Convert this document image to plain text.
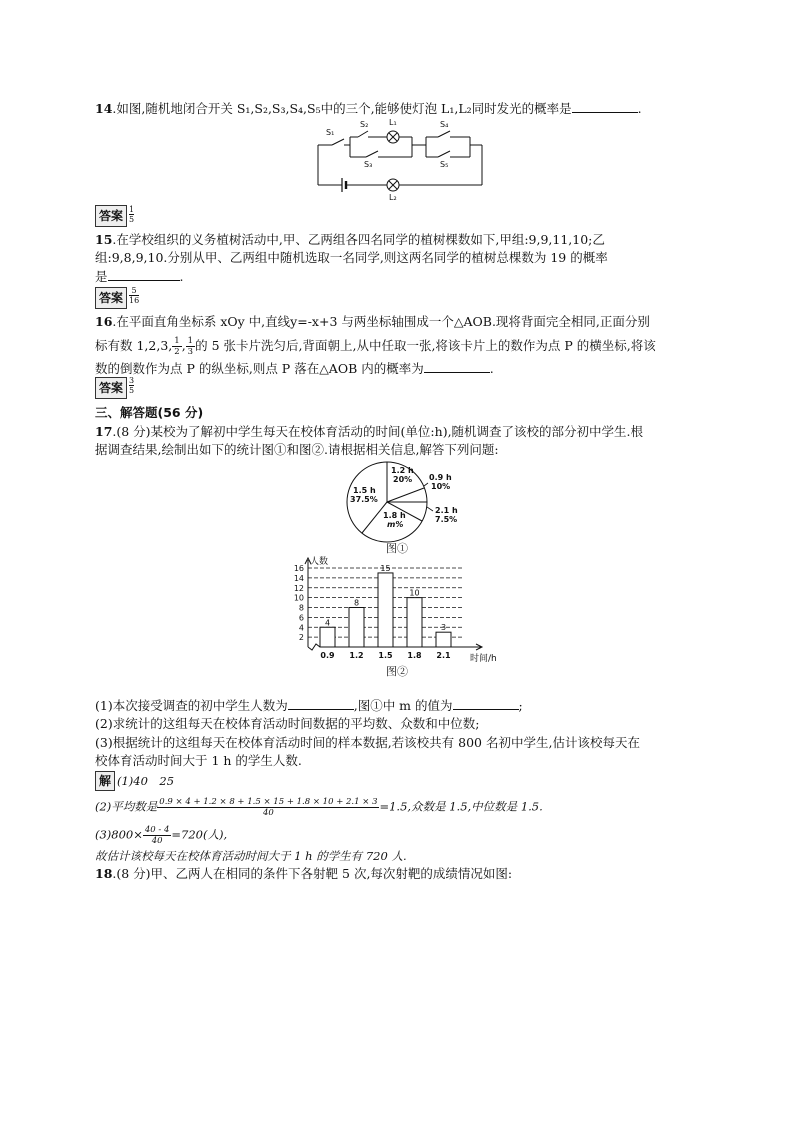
14.如图,随机地闭合开关 S₁,S₂,S₃,S₄,S₅中的三个,能够使灯泡 L₁,L₂同时发光的概率是	.
S₁
S₂	L₁
S₃
S₄
S₅
L₂
答案 $\frac{1}{5}$
15.在学校组织的义务植树活动中,甲、乙两组各四名同学的植树棵数如下,甲组:9,9,11,10;乙
组:9,8,9,10.分别从甲、乙两组中随机选取一名同学,则这两名同学的植树总棵数为 19 的概率
是	.
答案 $\frac{5}{16}$
16.在平面直角坐标系 xOy 中,直线y=-x+3 与两坐标轴围成一个△AOB.现将背面完全相同,正面分别
标有数 1,2,3, $\frac{1}{2}$ , $\frac{1}{3}$ 的 5 张卡片洗匀后,背面朝上,从中任取一张,将该卡片上的数作为点 P 的横坐标,将该
数的倒数作为点 P 的纵坐标,则点 P 落在△AOB 内的概率为	.
答案 $\frac{3}{5}$
三、解答题(56 分)
17.(8 分)某校为了解初中学生每天在校体育活动的时间(单位:h),随机调查了该校的部分初中学生.根
据调查结果,绘制出如下的统计图①和图②.请根据相关信息,解答下列问题:
1.2 h
20% 0.9 h
10%
1.5 h
37.5%
2.1 h
7.5%
1.8 h
m%
图①
2
4
6
8
10
12
14
16
人数
时间/h
4
0.9
8
1.2
15
1.5
10
1.8
3
2.1
图②
(1)本次接受调查的初中学生人数为	,图①中 m 的值为	;
(2)求统计的这组每天在校体育活动时间数据的平均数、众数和中位数;
(3)根据统计的这组每天在校体育活动时间的样本数据,若该校共有 800 名初中学生,估计该校每天在
校体育活动时间大于 1 h 的学生人数.
解 (1)40　25
(2)平均数是 $\frac{0.9 \times 4 + 1.2 \times 8 + 1.5 \times 15 + 1.8 \times 10 + 2.1 \times 3}{40} =1.5$,众数是 1.5,中位数是 1.5.
$(3)800\times \frac{40 - 4}{40} =720$(人),
故估计该校每天在校体育活动时间大于 1 h 的学生有 720 人.
18.(8 分)甲、乙两人在相同的条件下各射靶 5 次,每次射靶的成绩情况如图:
